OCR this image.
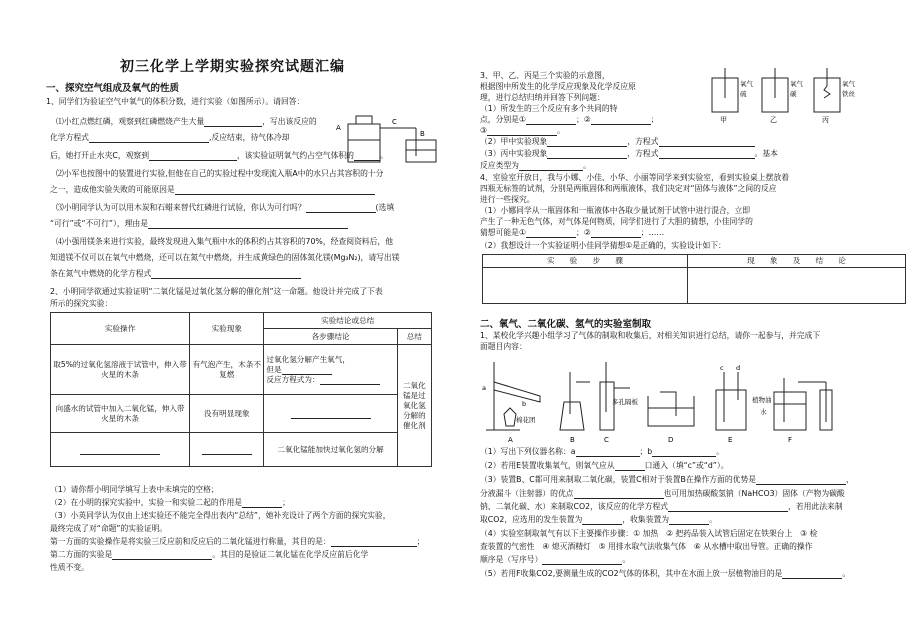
初三化学上学期实验探究试题汇编
一、探究空气组成及氧气的性质
1、同学们为验证空气中氧气的体积分数，进行实验（如图所示）。请回答：
⑴小红点燃红磷，观察到红磷燃烧产生大量	，写出该反应的
化学方程式	,反应结束，待气体冷却
后，她打开止水夹C，观察到	，该实验证明氧气约占空气体积的	。
A
C
B
⑵小军也按图中的装置进行实验,但他在自己的实验过程中发现流入瓶A中的水只占其容积的十分
之一，造成他实验失败的可能原因是
⑶小明同学认为可以用木炭和石蜡来替代红磷进行试验，你认为可行吗？	(选填
“可行”或“不可行”），理由是
⑷小强用镁条来进行实验，最终发现进入集气瓶中水的体积约占其容积的70%，经查阅资料后，他
知道镁不仅可以在氧气中燃烧，还可以在氮气中燃烧，并生成黄绿色的固体氮化镁(Mg₃N₂)，请写出镁
条在氮气中燃烧的化学方程式
2、小明同学欲通过实验证明“二氧化锰是过氧化氢分解的催化剂”这一命题。他设计并完成了下表
所示的探究实验：
实验操作	实验现象	实验结论或总结	
		各步骤结论	总结
取5%的过氧化氢溶液于试管中，伸入带火星的木条	有气泡产生，木条不复燃	过氧化氢分解产生氧气，
但是
反应方程式为：	二氧化锰是过氧化氢分解的催化剂
向盛水的试管中加入二氧化锰，伸入带火星的木条	没有明显现象		
		二氧化锰能加快过氧化氢的分解	
（1）请你帮小明同学填写上表中未填完的空格；
（2）在小明的探究实验中，实验一和实验二起的作用是	；
（3）小英同学认为仅由上述实验还不能完全得出表内“总结”，她补充设计了两个方面的探究实验，
最终完成了对“命题”的实验证明。
第一方面的实验操作是将实验三反应前和反应后的二氧化锰进行称量，其目的是：	；
第二方面的实验是	。其目的是验证二氧化锰在化学反应前后化学
性质不变。
3、甲、乙、丙是三个实验的示意图，
根据图中所发生的化学反应现象及化学反应原
理，进行总结归纳并回答下列问题：
（1）所发生的三个反应有多个共同的特
点，分别是①	；②	；
③	。
（2）甲中实验现象	，方程式
（3）丙中实验现象	，方程式	。基本
反应类型为	。
氧气
硫
氧气
碳
氧气
铁丝
甲	乙	丙
4、室验室开放日，我与小娜、小佳、小华、小丽等同学来到实验室，看到实验桌上摆放着
四瓶无标签的试剂，分别是两瓶固体和两瓶液体，我们决定对“固体与液体”之间的反应
进行一些探究。
（1）小娜同学从一瓶固体和一瓶液体中各取少量试剂于试管中进行混合，立即
产生了一种无色气体，对气体是何物质，同学们进行了大胆的猜想，小佳同学的
猜想可能是①	；②	；……
（2）我想设计一个实验证明小佳同学猜想①是正确的，实验设计如下：
实　　验　　步　　骤	现　　象　　及　　结　　论

二、氧气、二氧化碳、氢气的实验室制取
1、某校化学兴趣小组学习了气体的制取和收集后，对相关知识进行总结，请你一起参与，并完成下
面题目内容：
a
b
棉花团
多孔隔板
c d
植物油
水
A	B	C	D	E	F
（1）写出下列仪器名称：a	；b	。
（2）若用E装置收集氧气，则氧气应从	口通入（填“c”或“d”）。
（3）装置B、C都可用来制取二氧化碳，装置C相对于装置B在操作方面的优势是	，
分液漏斗（注射器）的优点	也可用加热碳酸氢钠（NaHCO3）固体（产物为碳酸
钠、二氧化碳、水）来制取CO2，该反应的化学方程式	，若用此法来制
取CO2，应选用的发生装置为	，收集装置为	。
（4）实验室制取氧气有以下主要操作步骤：① 加热　② 把药品装入试管后固定在铁架台上　③ 检
查装置的气密性　④ 熄灭酒精灯　⑤ 用排水取气法收集气体　⑥ 从水槽中取出导管。正确的操作
顺序是（写序号）	。
（5）若用F收集CO2,要测量生成的CO2气体的体积，其中在水面上放一层植物油目的是	。
